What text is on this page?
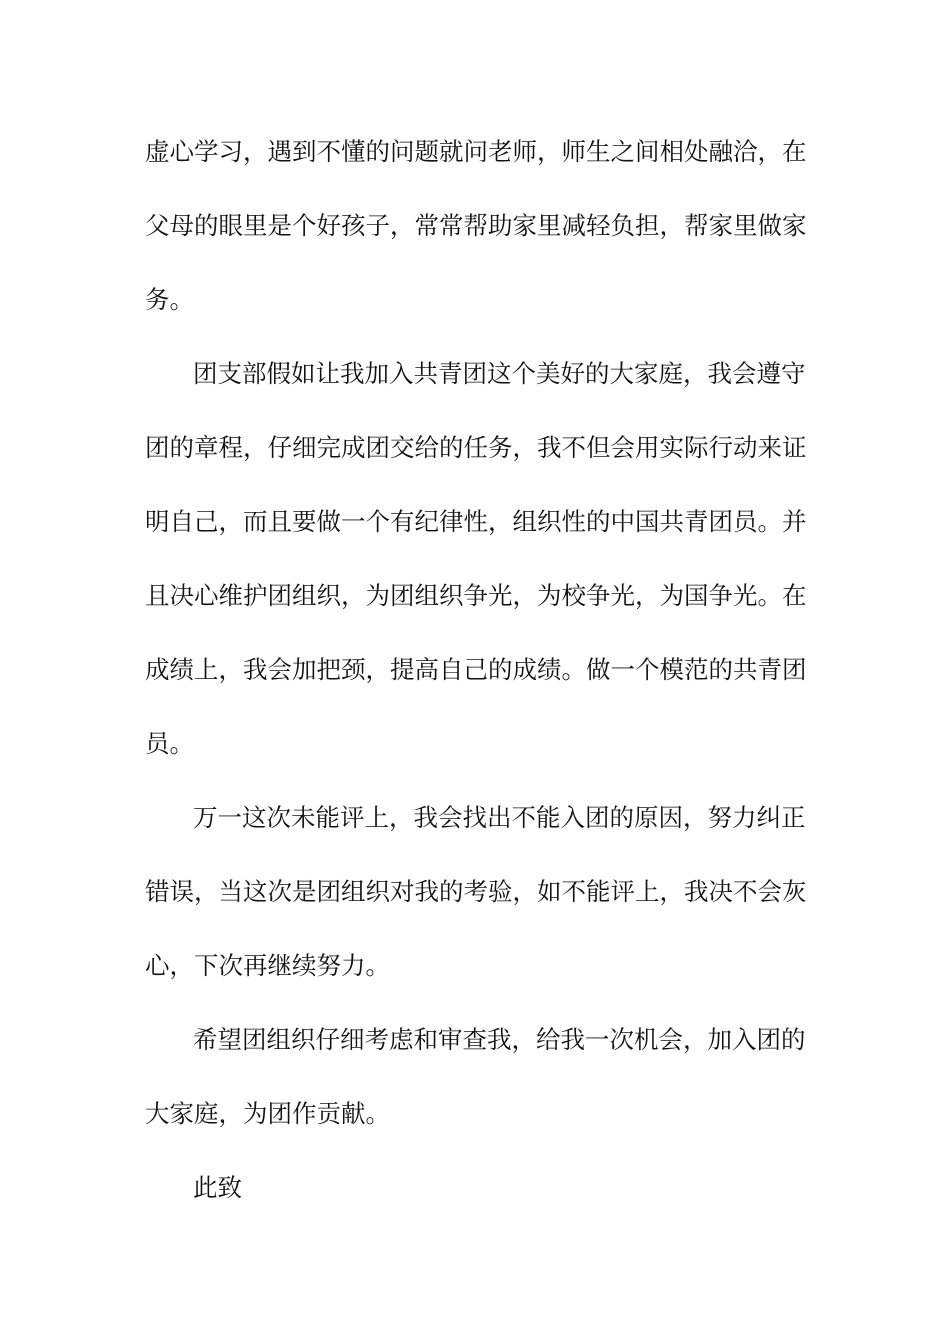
虚心学习，遇到不懂的问题就问老师，师生之间相处融洽，在

父母的眼里是个好孩子，常常帮助家里减轻负担，帮家里做家

务。

团支部假如让我加入共青团这个美好的大家庭，我会遵守

团的章程，仔细完成团交给的任务，我不但会用实际行动来证

明自己，而且要做一个有纪律性，组织性的中国共青团员。并

且决心维护团组织，为团组织争光，为校争光，为国争光。在

成绩上，我会加把颈，提高自己的成绩。做一个模范的共青团

员。

万一这次未能评上，我会找出不能入团的原因，努力纠正

错误，当这次是团组织对我的考验，如不能评上，我决不会灰

心，下次再继续努力。

希望团组织仔细考虑和审查我，给我一次机会，加入团的

大家庭，为团作贡献。

此致
